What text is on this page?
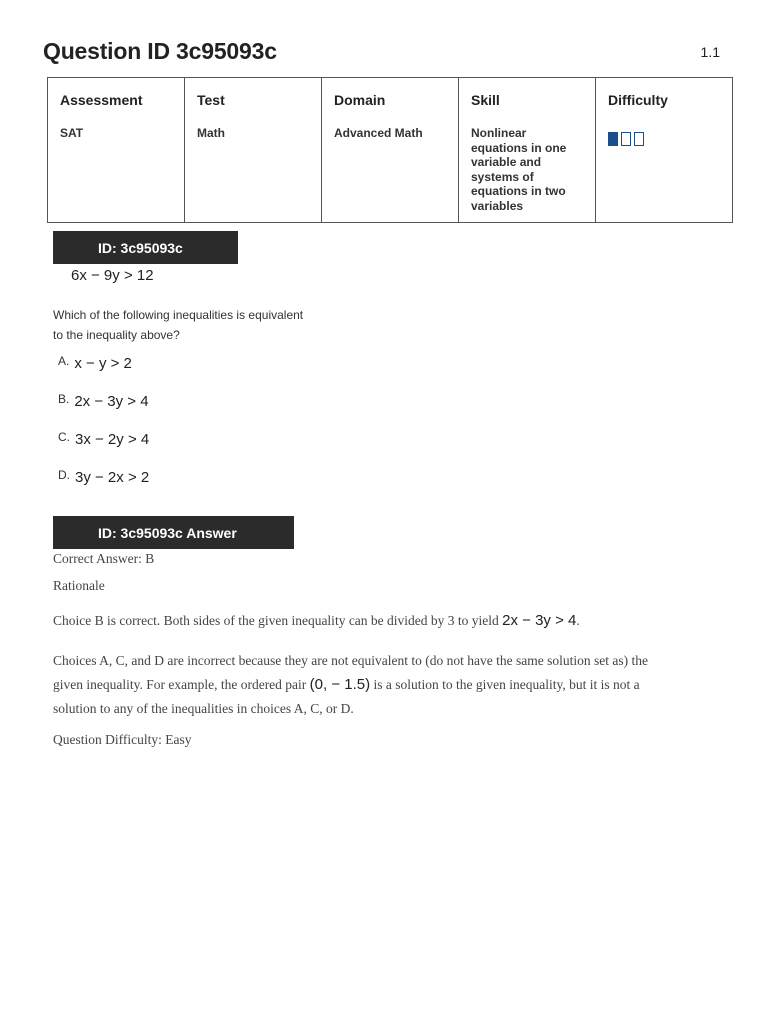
Question ID 3c95093c	1.1
Assessment	Test	Domain	Skill	Difficulty
SAT	Math	Advanced Math	Nonlinear equations in one variable and systems of equations in two variables	
ID: 3c95093c
6x − 9y > 12

Which of the following inequalities is equivalent
to the inequality above?

A. x − y > 2
B. 2x − 3y > 4
C. 3x − 2y > 4
D. 3y − 2x > 2
ID: 3c95093c Answer

Correct Answer: B

Rationale

Choice B is correct. Both sides of the given inequality can be divided by 3 to yield 2x − 3y > 4.

Choices A, C, and D are incorrect because they are not equivalent to (do not have the same solution set as) the
given inequality. For example, the ordered pair (0, − 1.5) is a solution to the given inequality, but it is not a
solution to any of the inequalities in choices A, C, or D.

Question Difficulty: Easy
